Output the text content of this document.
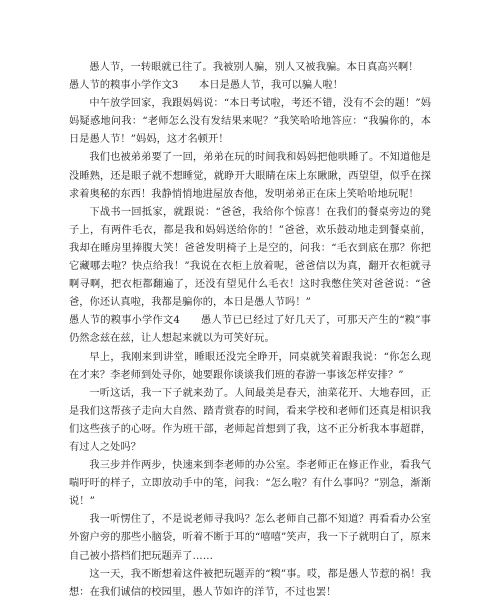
愚人节，一转眼就已往了。我被别人骗，别人又被我骗。本日真高兴啊！

愚人节的糗事小学作文3　　本日是愚人节，我可以骗人啦！

中午放学回家，我跟妈妈说：“本日考试啦，考还不错，没有不会的题！”妈妈疑惑地问我：“老师怎么没有发结果来呢？”我笑哈哈地答应：“我骗你的，本日是愚人节！”妈妈，这才名顿开！

我们也被弟弟要了一回，弟弟在玩的时间我和妈妈把他哄睡了。不知道他是没睡熟，还是眼子就不想睡觉，就睁开大眼睛在床上东瞅瞅，西望望，似乎在探求着奥秘的东西！我静悄悄地进屋放杏他，发明弟弟正在床上笑哈哈地玩呢！

下战书一回抵家，就跟说：“爸爸，我给你个惊喜！在我们的餐桌旁边的凳子上，有两件毛衣，都是我和妈妈送给你的！”爸爸，欢乐鼓动地走到餐桌前，我却在睡房里捧腹大笑！爸爸发明椅子上是空的，问我：“毛衣到底在那？你把它藏哪去啦？快点给我！”我说在衣柜上放着呢，爸爸信以为真，翻开衣柜就寻啊寻啊，把衣柜都翻遍了，还没有望见什么毛衣！这时我憋住笑对爸爸说：“爸爸，你还认真啦，我都是骗你的，本日是愚人节吗！”

愚人节的糗事小学作文4　　愚人节已已经过了好几天了，可那天产生的“糗”事仍然念兹在兹，让人想起来就以为可笑好玩。

早上，我刚来到讲堂，睡眼还没完全睁开，同桌就笑着跟我说：“你怎么现在才来？李老师到处寻你，她要跟你谈谈我们班的春游一事该怎样安排？”

一听这话，我一下子就来劲了。人间最美是春天，油菜花开、大地春回，正是我们这帮孩子走向大自然、踏青赏春的时间，看来学校和老师们还真是相识我们这些孩子的心呀。作为班干部，老师起首想到了我，这不正分析我本事超群，有过人之处吗？

我三步并作两步，快速来到李老师的办公室。李老师正在修正作业，看我气喘吁吁的样子，立即放动手中的笔，问我：“怎么啦？有什么事吗？”别急，渐渐说！”

我一听愣住了，不是说老师寻我吗？怎么老师自己都不知道？再看看办公室外窗户旁的那些小脑袋，听着不断于耳的“嘻嘻”笑声，我一下子就明白了，原来自己被小搭档们把玩题弄了……

这一天，我不断想着这件被把玩题弄的“糗”事。哎，都是愚人节惹的祸！我想：在我们诚信的校园里，愚人节如许的洋节，不过也罢！
